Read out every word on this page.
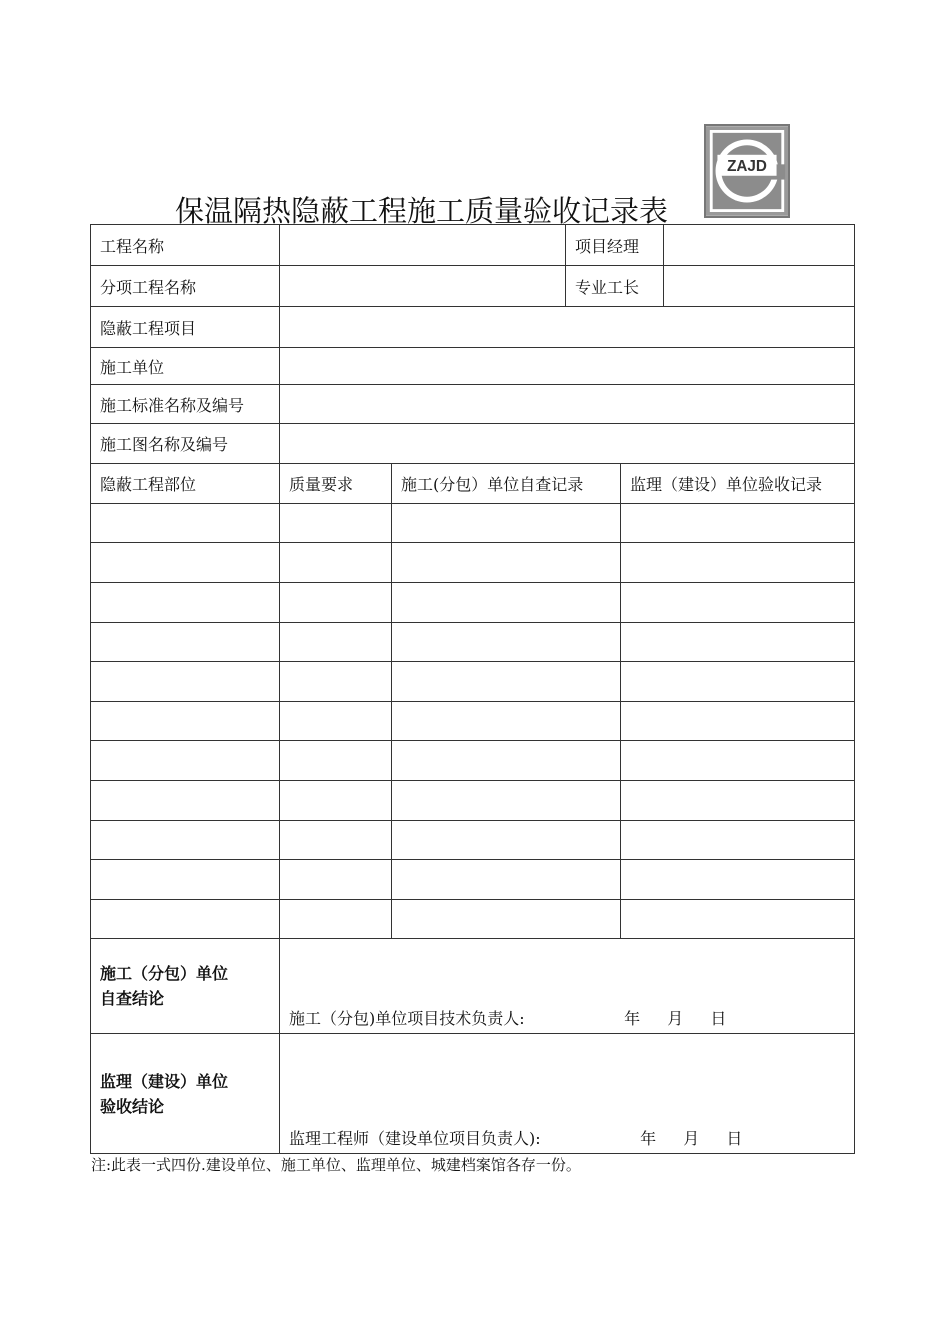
ZAJD
保温隔热隐蔽工程施工质量验收记录表
工程名称			项目经理		
分项工程名称			专业工长		
隐蔽工程项目					
施工单位					
施工标准名称及编号					
施工图名称及编号					
隐蔽工程部位	质量要求	施工(分包）单位自查记录		监理（建设）单位验收记录	

施工（分包）单位
自查结论	施工（分包)单位项目技术负责人: 年 月 日				

监理（建设）单位
验收结论	监理工程师（建设单位项目负责人): 年 月 日				
注:此表一式四份.建设单位、施工单位、监理单位、城建档案馆各存一份。
